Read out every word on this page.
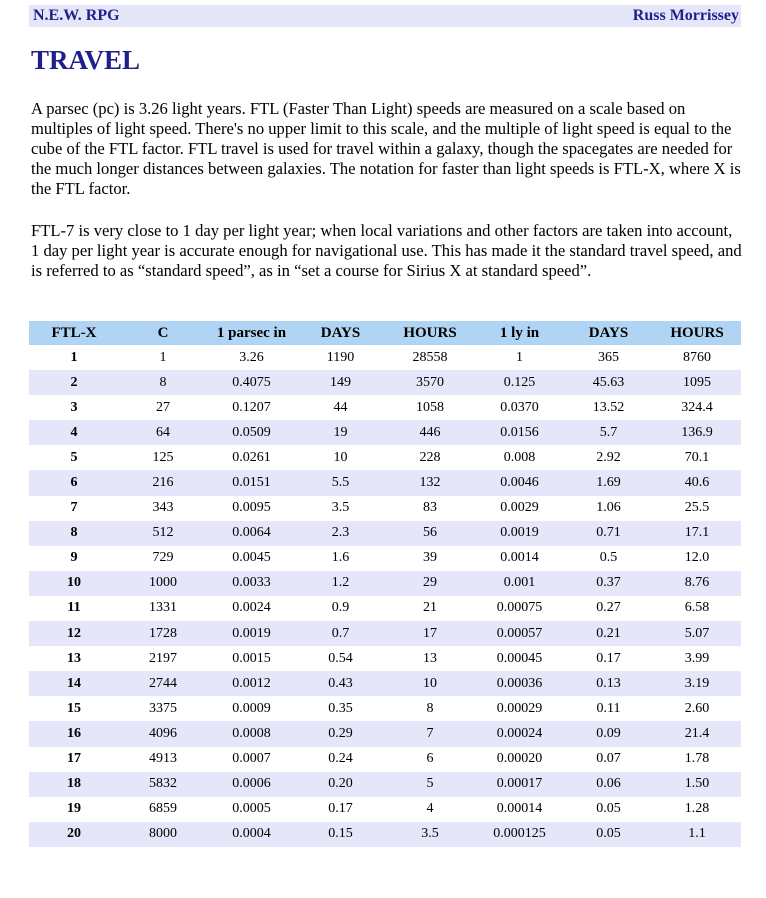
N.E.W. RPG	Russ Morrissey
TRAVEL

A parsec (pc) is 3.26 light years. FTL (Faster Than Light) speeds are measured on a scale based on multiples of light speed. There's no upper limit to this scale, and the multiple of light speed is equal to the cube of the FTL factor. FTL travel is used for travel within a galaxy, though the spacegates are needed for the much longer distances between galaxies. The notation for faster than light speeds is FTL-X, where X is the FTL factor.

FTL-7 is very close to 1 day per light year; when local variations and other factors are taken into account, 1 day per light year is accurate enough for navigational use. This has made it the standard travel speed, and is referred to as “standard speed”, as in “set a course for Sirius X at standard speed”.

FTL-X	C	1 parsec in	DAYS	HOURS	1 ly in	DAYS	HOURS
1	1	3.26	1190	28558	1	365	8760
2	8	0.4075	149	3570	0.125	45.63	1095
3	27	0.1207	44	1058	0.0370	13.52	324.4
4	64	0.0509	19	446	0.0156	5.7	136.9
5	125	0.0261	10	228	0.008	2.92	70.1
6	216	0.0151	5.5	132	0.0046	1.69	40.6
7	343	0.0095	3.5	83	0.0029	1.06	25.5
8	512	0.0064	2.3	56	0.0019	0.71	17.1
9	729	0.0045	1.6	39	0.0014	0.5	12.0
10	1000	0.0033	1.2	29	0.001	0.37	8.76
11	1331	0.0024	0.9	21	0.00075	0.27	6.58
12	1728	0.0019	0.7	17	0.00057	0.21	5.07
13	2197	0.0015	0.54	13	0.00045	0.17	3.99
14	2744	0.0012	0.43	10	0.00036	0.13	3.19
15	3375	0.0009	0.35	8	0.00029	0.11	2.60
16	4096	0.0008	0.29	7	0.00024	0.09	21.4
17	4913	0.0007	0.24	6	0.00020	0.07	1.78
18	5832	0.0006	0.20	5	0.00017	0.06	1.50
19	6859	0.0005	0.17	4	0.00014	0.05	1.28
20	8000	0.0004	0.15	3.5	0.000125	0.05	1.1
